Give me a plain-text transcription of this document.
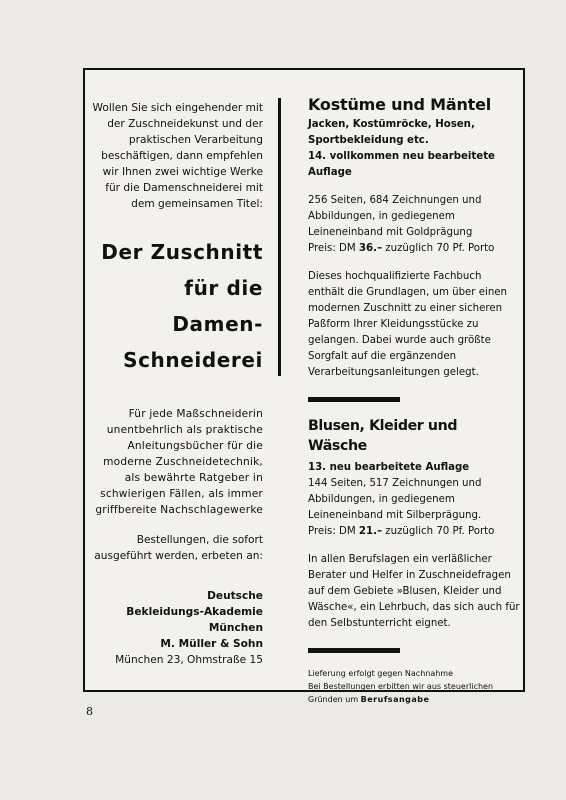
Wollen Sie sich eingehender mit der Zuschneidekunst und der praktischen Verarbeitung beschäftigen, dann empfehlen wir Ihnen zwei wichtige Werke für die Damenschneiderei mit dem gemeinsamen Titel:

Der Zuschnitt
für die
Damen-
Schneiderei

Für jede Maßschneiderin unentbehrlich als praktische Anleitungsbücher für die moderne Zuschneidetechnik, als bewährte Ratgeber in schwierigen Fällen, als immer griffbereite Nachschlagewerke

Bestellungen, die sofort ausgeführt werden, erbeten an:

Deutsche
Bekleidungs-Akademie
München
M. Müller & Sohn
München 23, Ohmstraße 15
Kostüme und Mäntel

Jacken, Kostümröcke, Hosen, Sportbekleidung etc.

14. vollkommen neu bearbeitete Auflage

256 Seiten, 684 Zeichnungen und Abbildungen, in gediegenem Leineneinband mit Goldprägung

Preis: DM 36.– zuzüglich 70 Pf. Porto

Dieses hochqualifizierte Fachbuch enthält die Grundlagen, um über einen modernen Zuschnitt zu einer sicheren Paßform Ihrer Kleidungsstücke zu gelangen. Dabei wurde auch größte Sorgfalt auf die ergänzenden Verarbeitungsanleitungen gelegt.

Blusen, Kleider und Wäsche

13. neu bearbeitete Auflage

144 Seiten, 517 Zeichnungen und Abbildungen, in gediegenem Leineneinband mit Silberprägung.

Preis: DM 21.– zuzüglich 70 Pf. Porto

In allen Berufslagen ein verläßlicher Berater und Helfer in Zuschneidefragen auf dem Gebiete »Blusen, Kleider und Wäsche«, ein Lehrbuch, das sich auch für den Selbstunterricht eignet.

Lieferung erfolgt gegen Nachnahme
Bei Bestellungen erbitten wir aus steuerlichen Gründen um Berufsangabe
8
